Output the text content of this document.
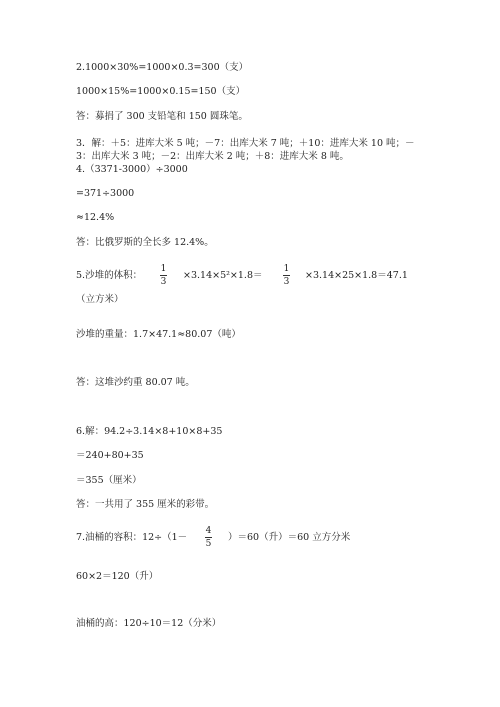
2.1000×30%=1000×0.3=300（支）
1000×15%=1000×0.15=150（支）
答：募捐了 300 支铅笔和 150 圆珠笔。
3．解：＋5：进库大米 5 吨；－7：出库大米 7 吨；＋10：进库大米 10 吨；－
3：出库大米 3 吨；－2：出库大米 2 吨；＋8：进库大米 8 吨。
4.（3371-3000）÷3000
=371÷3000
≈12.4%
答：比俄罗斯的全长多 12.4%。
5.沙堆的体积：
1
3
×3.14×5²×1.8＝
1
3
×3.14×25×1.8＝47.1
（立方米）
沙堆的重量：1.7×47.1≈80.07（吨）
答：这堆沙约重 80.07 吨。
6.解：94.2÷3.14×8+10×8+35
＝240+80+35
＝355（厘米）
答：一共用了 355 厘米的彩带。
7.油桶的容积：12÷（1－
4
5
）＝60（升）＝60 立方分米
60×2＝120（升）
油桶的高：120÷10＝12（分米）
